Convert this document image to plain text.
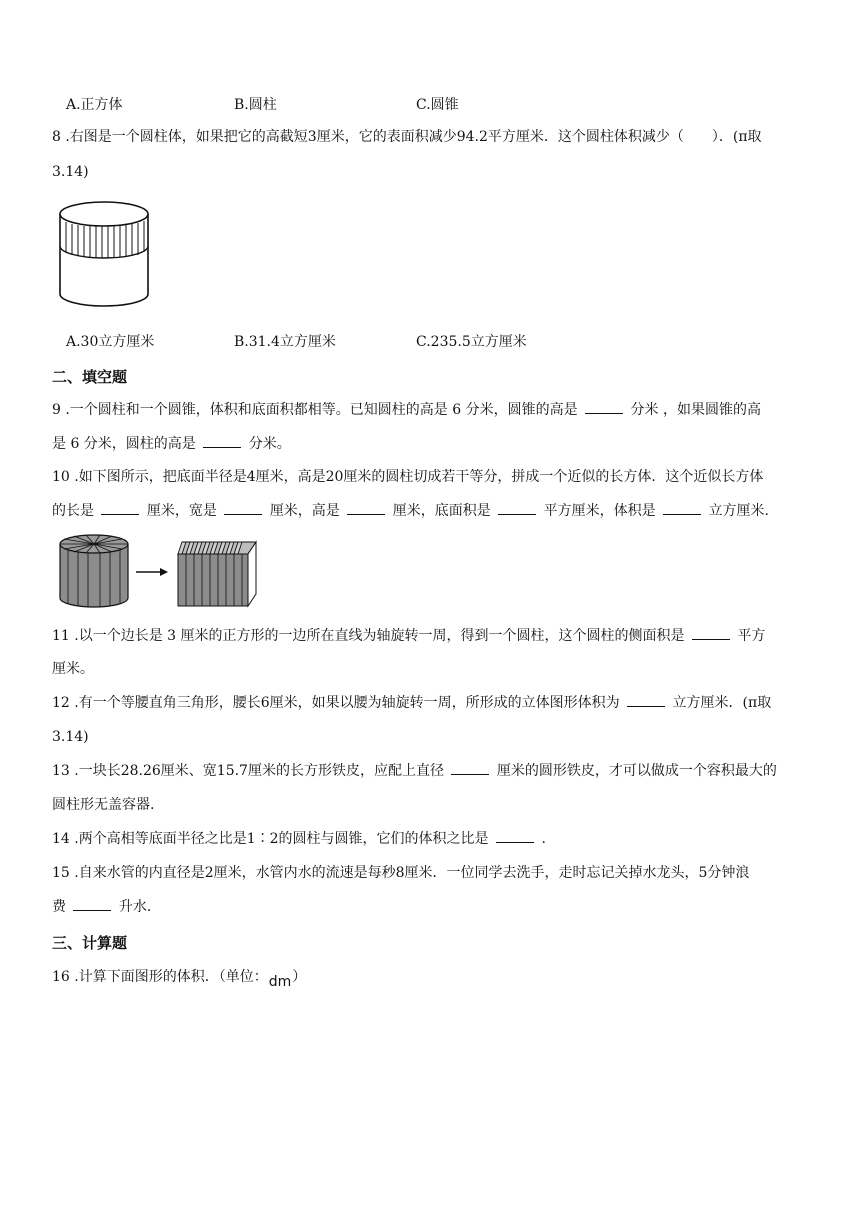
A.正方体	B.圆柱	C.圆锥
8 .右图是一个圆柱体，如果把它的高截短3厘米，它的表面积减少94.2平方厘米．这个圆柱体积减少（　　）．(π取
3.14)
A.30立方厘米	B.31.4立方厘米	C.235.5立方厘米
二、填空题
9 .一个圆柱和一个圆锥，体积和底面积都相等。已知圆柱的高是 6 分米，圆锥的高是	分米 ，如果圆锥的高
是 6 分米，圆柱的高是	分米。
10 .如下图所示，把底面半径是4厘米，高是20厘米的圆柱切成若干等分，拼成一个近似的长方体．这个近似长方体
的长是	厘米，宽是	厘米，高是	厘米，底面积是	平方厘米，体积是	立方厘米.
11 .以一个边长是 3 厘米的正方形的一边所在直线为轴旋转一周，得到一个圆柱，这个圆柱的侧面积是	平方
厘米。
12 .有一个等腰直角三角形，腰长6厘米，如果以腰为轴旋转一周，所形成的立体图形体积为	立方厘米．(π取
3.14)
13 .一块长28.26厘米、宽15.7厘米的长方形铁皮，应配上直径	厘米的圆形铁皮，才可以做成一个容积最大的
圆柱形无盖容器.
14 .两个高相等底面半径之比是1∶2的圆柱与圆锥，它们的体积之比是	.
15 .自来水管的内直径是2厘米，水管内水的流速是每秒8厘米．一位同学去洗手，走时忘记关掉水龙头，5分钟浪
费	升水.
三、计算题
16 .计算下面图形的体积．（单位：dm）
